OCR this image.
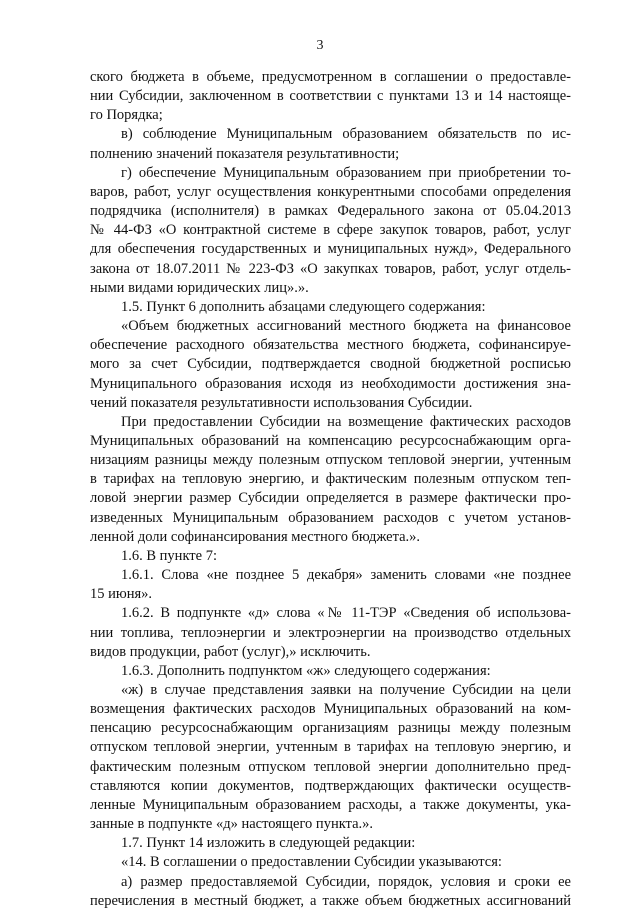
3
ского бюджета в объеме, предусмотренном в соглашении о предоставле-
нии Субсидии, заключенном в соответствии с пунктами 13 и 14 настояще-
го Порядка;
в) соблюдение Муниципальным образованием обязательств по ис-
полнению значений показателя результативности;
г) обеспечение Муниципальным образованием при приобретении то-
варов, работ, услуг осуществления конкурентными способами определения
подрядчика (исполнителя) в рамках Федерального закона от 05.04.2013
№ 44-ФЗ «О контрактной системе в сфере закупок товаров, работ, услуг
для обеспечения государственных и муниципальных нужд», Федерального
закона от 18.07.2011 № 223-ФЗ «О закупках товаров, работ, услуг отдель-
ными видами юридических лиц».».
1.5. Пункт 6 дополнить абзацами следующего содержания:
«Объем бюджетных ассигнований местного бюджета на финансовое
обеспечение расходного обязательства местного бюджета, софинансируе-
мого за счет Субсидии, подтверждается сводной бюджетной росписью
Муниципального образования исходя из необходимости достижения зна-
чений показателя результативности использования Субсидии.
При предоставлении Субсидии на возмещение фактических расходов
Муниципальных образований на компенсацию ресурсоснабжающим орга-
низациям разницы между полезным отпуском тепловой энергии, учтенным
в тарифах на тепловую энергию, и фактическим полезным отпуском теп-
ловой энергии размер Субсидии определяется в размере фактически про-
изведенных Муниципальным образованием расходов с учетом установ-
ленной доли софинансирования местного бюджета.».
1.6. В пункте 7:
1.6.1. Слова «не позднее 5 декабря» заменить словами «не позднее
15 июня».
1.6.2. В подпункте «д» слова «№ 11-ТЭР «Сведения об использова-
нии топлива, теплоэнергии и электроэнергии на производство отдельных
видов продукции, работ (услуг),» исключить.
1.6.3. Дополнить подпунктом «ж» следующего содержания:
«ж) в случае представления заявки на получение Субсидии на цели
возмещения фактических расходов Муниципальных образований на ком-
пенсацию ресурсоснабжающим организациям разницы между полезным
отпуском тепловой энергии, учтенным в тарифах на тепловую энергию, и
фактическим полезным отпуском тепловой энергии дополнительно пред-
ставляются копии документов, подтверждающих фактически осуществ-
ленные Муниципальным образованием расходы, а также документы, ука-
занные в подпункте «д» настоящего пункта.».
1.7. Пункт 14 изложить в следующей редакции:
«14. В соглашении о предоставлении Субсидии указываются:
а) размер предоставляемой Субсидии, порядок, условия и сроки ее
перечисления в местный бюджет, а также объем бюджетных ассигнований
